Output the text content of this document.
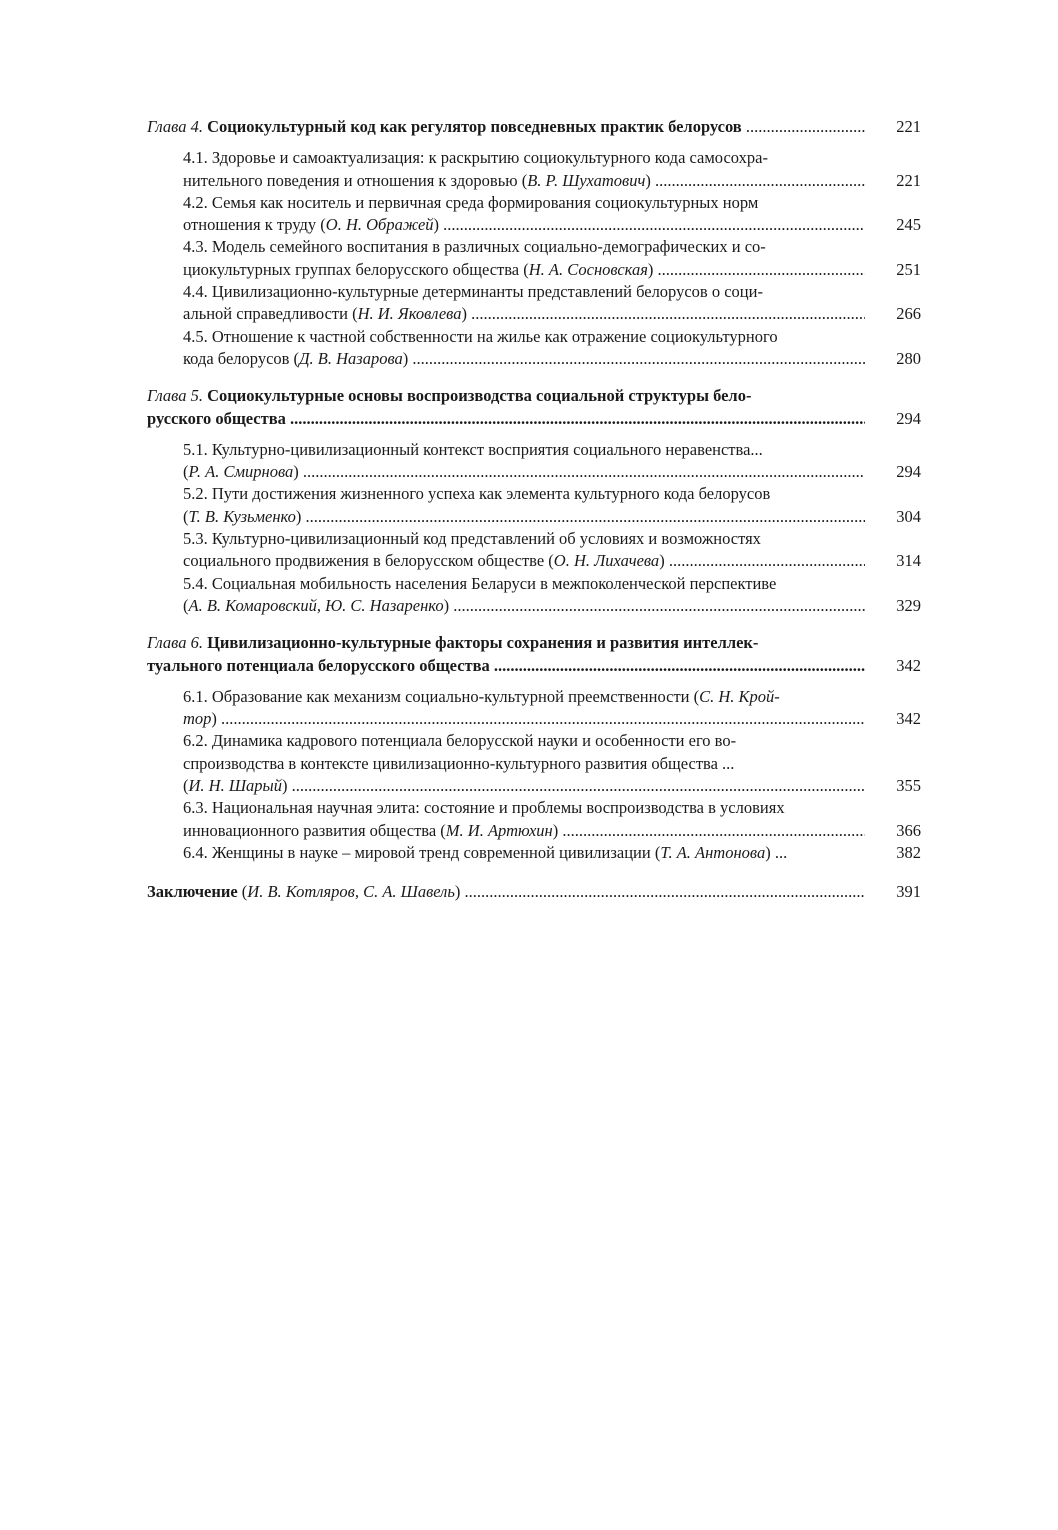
Глава 4. Социокультурный код как регулятор повседневных практик белорусов .....	221
4.1. Здоровье и самоактуализация: к раскрытию социокультурного кода самосохра-
нительного поведения и отношения к здоровью (В. Р. Шухатович) .....	221
4.2. Семья как носитель и первичная среда формирования социокультурных норм
отношения к труду (О. Н. Ображей) .....	245
4.3. Модель семейного воспитания в различных социально-демографических и со-
циокультурных группах белорусского общества (Н. А. Сосновская) .....	251
4.4. Цивилизационно-культурные детерминанты представлений белорусов о соци-
альной справедливости (Н. И. Яковлева) .....	266
4.5. Отношение к частной собственности на жилье как отражение социокультурного
кода белорусов (Д. В. Назарова) .....	280
Глава 5. Социокультурные основы воспроизводства социальной структуры бело-
русского общества .....	294
5.1. Культурно-цивилизационный контекст восприятия социального неравенства...
(Р. А. Смирнова) .....	294
5.2. Пути достижения жизненного успеха как элемента культурного кода белорусов
(Т. В. Кузьменко) .....	304
5.3. Культурно-цивилизационный код представлений об условиях и возможностях
социального продвижения в белорусском обществе (О. Н. Лихачева) .....	314
5.4. Социальная мобильность населения Беларуси в межпоколенческой перспективе
(А. В. Комаровский, Ю. С. Назаренко) .....	329
Глава 6. Цивилизационно-культурные факторы сохранения и развития интеллек-
туального потенциала белорусского общества .....	342
6.1. Образование как механизм социально-культурной преемственности (С. Н. Крой-
тор) .....	342
6.2. Динамика кадрового потенциала белорусской науки и особенности его во-
спроизводства в контексте цивилизационно-культурного развития общества ...
(И. Н. Шарый) .....	355
6.3. Национальная научная элита: состояние и проблемы воспроизводства в условиях
инновационного развития общества (М. И. Артюхин) .....	366
6.4. Женщины в науке – мировой тренд современной цивилизации (Т. А. Антонова) ...	382
Заключение (И. В. Котляров, С. А. Шавель) .....	391
